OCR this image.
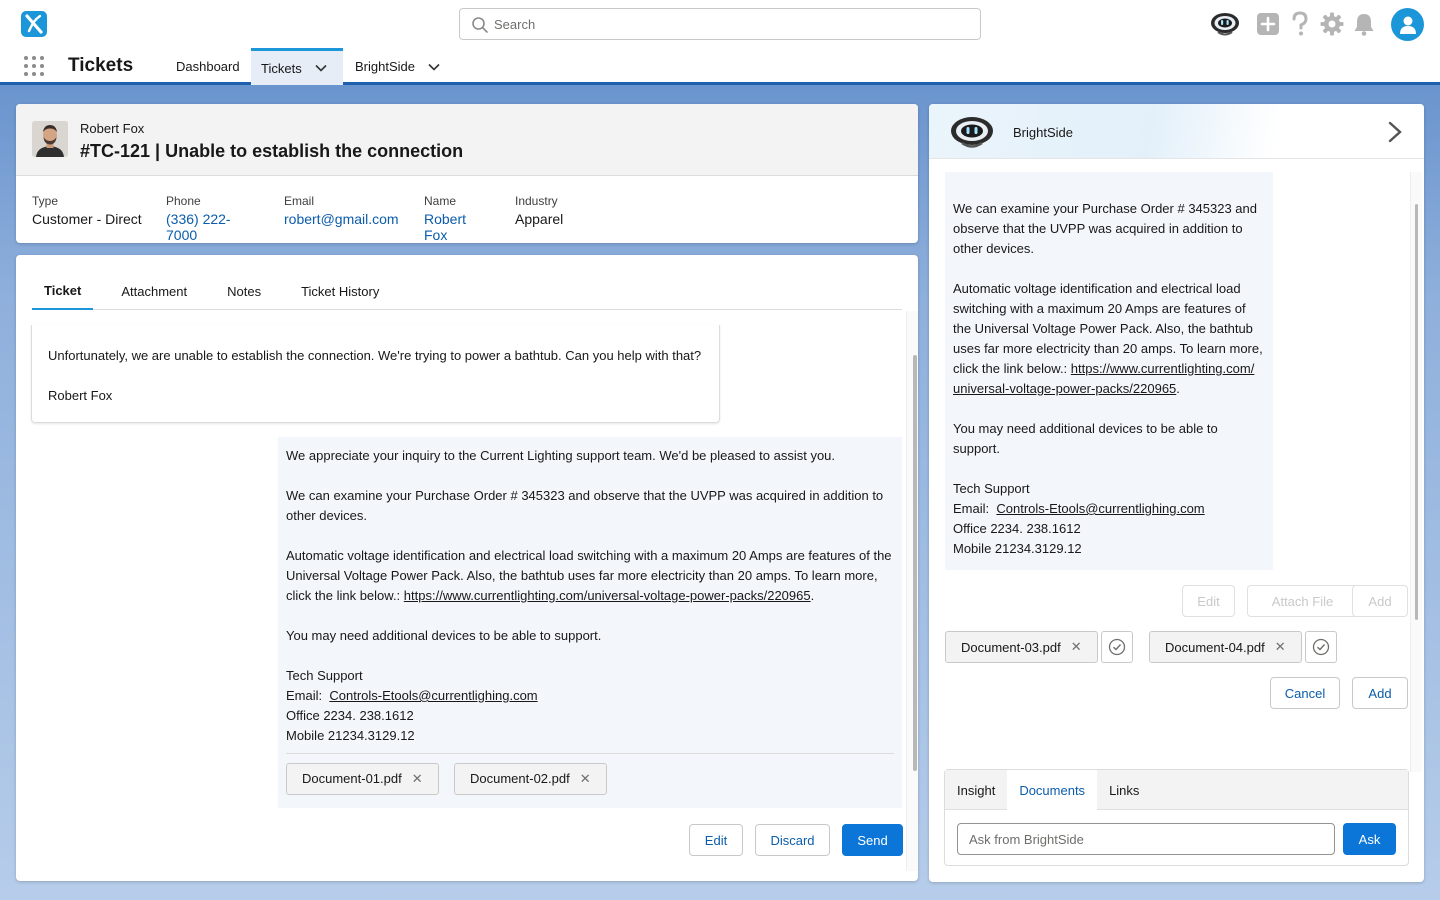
Search
Tickets	Dashboard Tickets	BrightSide
Robert Fox
#TC-121 | Unable to establish the connection
Type
Customer - Direct
Phone
(336) 222-7000
Email
robert@gmail.com
Name
Robert Fox
Industry
Apparel
Ticket	Attachment	Notes	Ticket History
Unfortunately, we are unable to establish the connection. We're trying to power a bathtub. Can you help with that?
Robert Fox

We appreciate your inquiry to the Current Lighting support team. We'd be pleased to assist you.

We can examine your Purchase Order # 345323 and observe that the UVPP was acquired in addition to other devices.

Automatic voltage identification and electrical load switching with a maximum 20 Amps are features of the Universal Voltage Power Pack. Also, the bathtub uses far more electricity than 20 amps. To learn more, click the link below.: https://www.currentlighting.com/universal-voltage-power-packs/220965.

You may need additional devices to be able to support.

Tech Support

Email: Controls-Etools@currentlighing.com

Office 2234. 238.1612

Mobile 21234.3129.12

Document-01.pdf ✕	Document-02.pdf ✕
Edit	Discard	Send
BrightSide

We can examine your Purchase Order # 345323 and observe that the UVPP was acquired in addition to other devices.

Automatic voltage identification and electrical load switching with a maximum 20 Amps are features of the Universal Voltage Power Pack. Also, the bathtub uses far more electricity than 20 amps. To learn more, click the link below.: https://www.currentlighting.com/ universal-voltage-power-packs/220965.

You may need additional devices to be able to support.

Tech Support

Email: Controls-Etools@currentlighing.com

Office 2234. 238.1612

Mobile 21234.3129.12

Edit	Attach File	Add
Document-03.pdf ✕	Document-04.pdf ✕
Cancel	Add
Insight	Documents	Links
Ask from BrightSide
Ask
